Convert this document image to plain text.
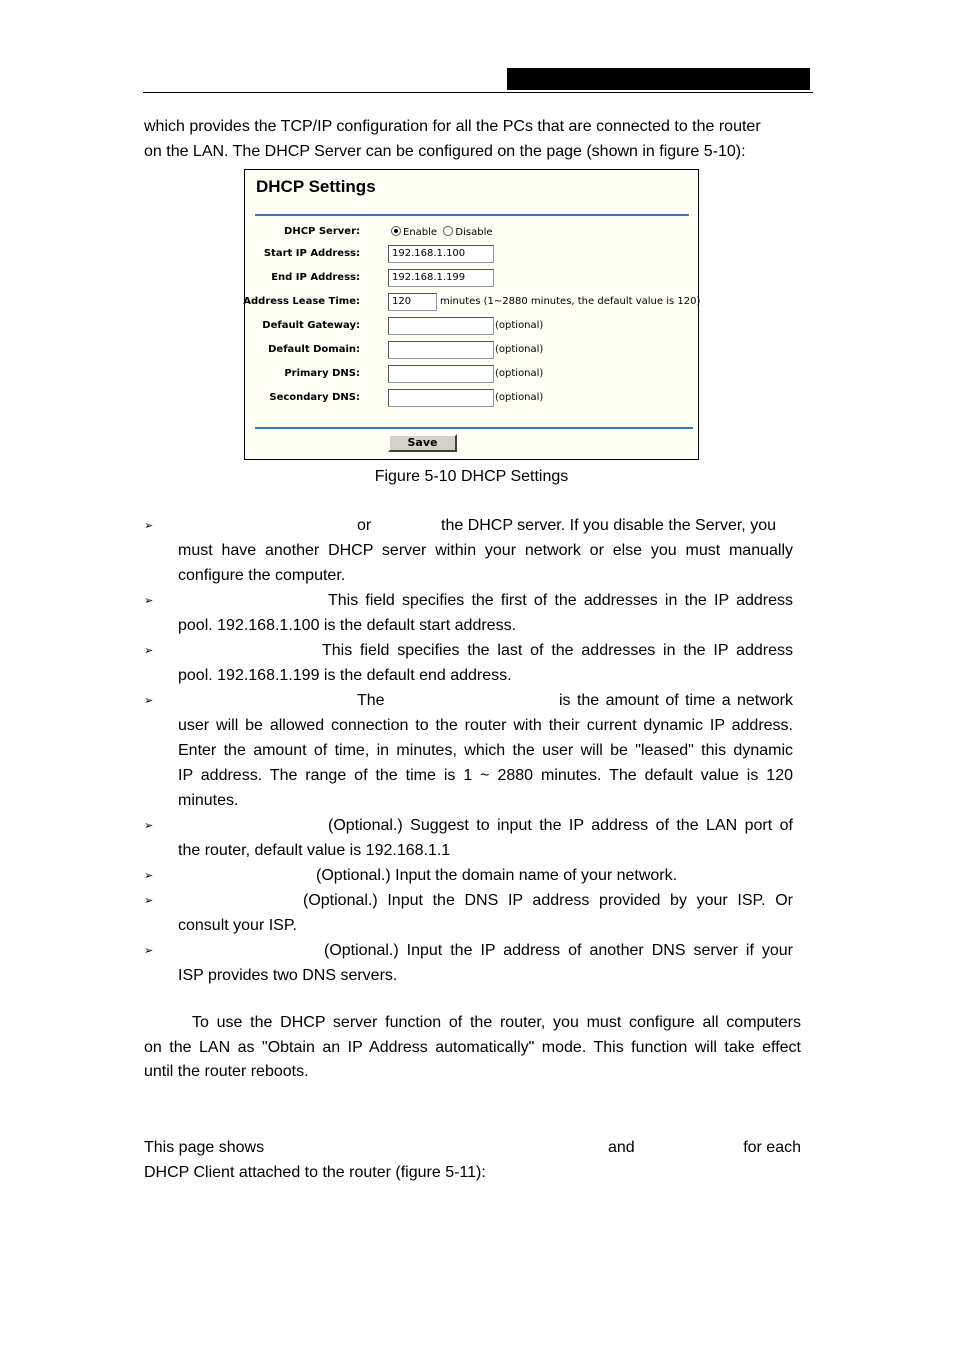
which provides the TCP/IP configuration for all the PCs that are connected to the router
on the LAN. The DHCP Server can be configured on the page (shown in figure 5-10):
DHCP Settings
DHCP Server:	Enable Disable
Start IP Address:	192.168.1.100
End IP Address:	192.168.1.199
Address Lease Time:	120	minutes (1~2880 minutes, the default value is 120)
Default Gateway:	(optional)
Default Domain:	(optional)
Primary DNS:	(optional)
Secondary DNS:	(optional)
Save
Figure 5-10 DHCP Settings
➢	or	the DHCP server. If you disable the Server, you
must have another DHCP server within your network or else you must manually
configure the computer.
➢	This field specifies the first of the addresses in the IP address
pool. 192.168.1.100 is the default start address.
➢	This field specifies the last of the addresses in the IP address
pool. 192.168.1.199 is the default end address.
➢	The	is the amount of time a network
user will be allowed connection to the router with their current dynamic IP address.
Enter the amount of time, in minutes, which the user will be "leased" this dynamic
IP address. The range of the time is 1 ~ 2880 minutes. The default value is 120
minutes.
➢	(Optional.) Suggest to input the IP address of the LAN port of
the router, default value is 192.168.1.1
➢	(Optional.) Input the domain name of your network.
➢	(Optional.) Input the DNS IP address provided by your ISP. Or
consult your ISP.
➢	(Optional.) Input the IP address of another DNS server if your
ISP provides two DNS servers.
To use the DHCP server function of the router, you must configure all computers
on the LAN as "Obtain an IP Address automatically" mode. This function will take effect
until the router reboots.
This page shows	and	for each
DHCP Client attached to the router (figure 5-11):
